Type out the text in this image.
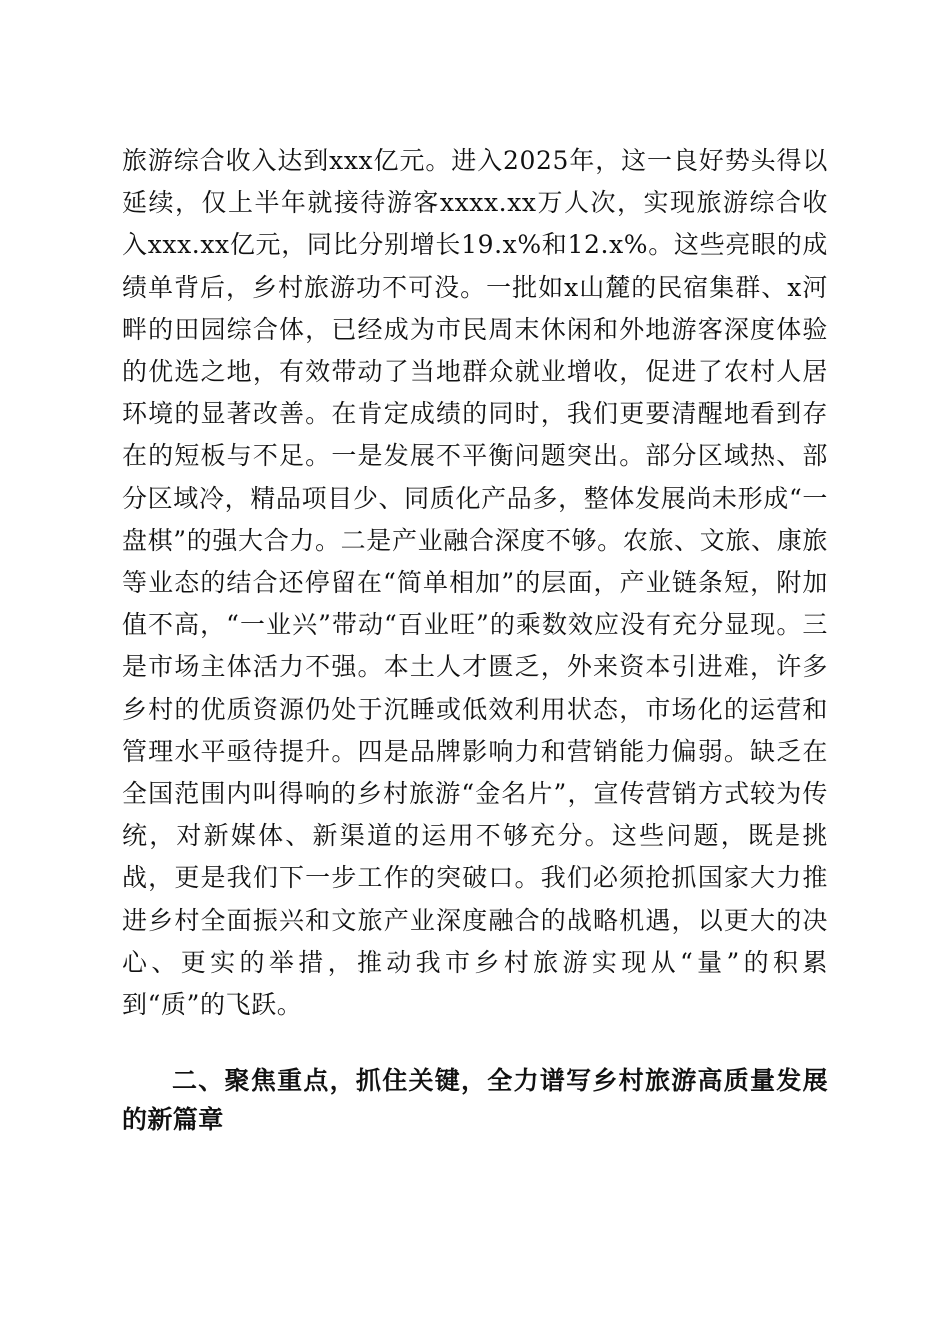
旅游综合收入达到xxx亿元。进入2025年，这一良好势头得以延续，仅上半年就接待游客xxxx.xx万人次，实现旅游综合收入xxx.xx亿元，同比分别增长19.x%和12.x%。这些亮眼的成绩单背后，乡村旅游功不可没。一批如x山麓的民宿集群、x河畔的田园综合体，已经成为市民周末休闲和外地游客深度体验的优选之地，有效带动了当地群众就业增收，促进了农村人居环境的显著改善。在肯定成绩的同时，我们更要清醒地看到存在的短板与不足。一是发展不平衡问题突出。部分区域热、部分区域冷，精品项目少、同质化产品多，整体发展尚未形成“一盘棋”的强大合力。二是产业融合深度不够。农旅、文旅、康旅等业态的结合还停留在“简单相加”的层面，产业链条短，附加值不高，“一业兴”带动“百业旺”的乘数效应没有充分显现。三是市场主体活力不强。本土人才匮乏，外来资本引进难，许多乡村的优质资源仍处于沉睡或低效利用状态，市场化的运营和管理水平亟待提升。四是品牌影响力和营销能力偏弱。缺乏在全国范围内叫得响的乡村旅游“金名片”，宣传营销方式较为传统，对新媒体、新渠道的运用不够充分。这些问题，既是挑战，更是我们下一步工作的突破口。我们必须抢抓国家大力推进乡村全面振兴和文旅产业深度融合的战略机遇，以更大的决心、更实的举措，推动我市乡村旅游实现从“量”的积累到“质”的飞跃。

二、聚焦重点，抓住关键，全力谱写乡村旅游高质量发展的新篇章
